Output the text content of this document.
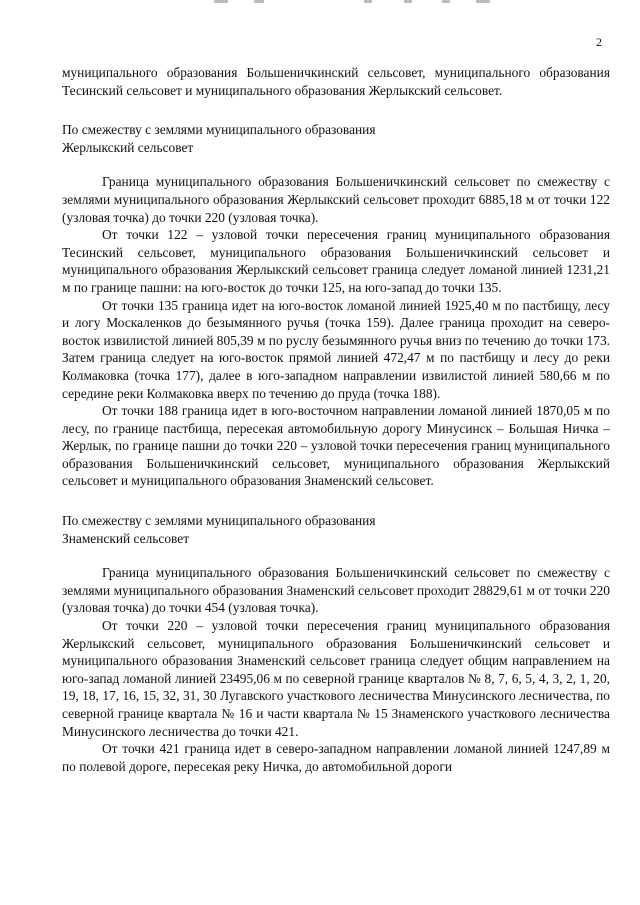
2

муниципального образования Большеничкинский сельсовет, муниципального образования Тесинский сельсовет и муниципального образования Жерлыкский сельсовет.

По смежеству с землями муниципального образования

Жерлыкский сельсовет

Граница муниципального образования Большеничкинский сельсовет по смежеству с землями муниципального образования Жерлыкский сельсовет проходит 6885,18 м от точки 122 (узловая точка) до точки 220 (узловая точка).

От точки 122 – узловой точки пересечения границ муниципального образования Тесинский сельсовет, муниципального образования Большеничкинский сельсовет и муниципального образования Жерлыкский сельсовет граница следует ломаной линией 1231,21 м по границе пашни: на юго-восток до точки 125, на юго-запад до точки 135.

От точки 135 граница идет на юго-восток ломаной линией 1925,40 м по пастбищу, лесу и логу Москаленков до безымянного ручья (точка 159). Далее граница проходит на северо-восток извилистой линией 805,39 м по руслу безымянного ручья вниз по течению до точки 173. Затем граница следует на юго-восток прямой линией 472,47 м по пастбищу и лесу до реки Колмаковка (точка 177), далее в юго-западном направлении извилистой линией 580,66 м по середине реки Колмаковка вверх по течению до пруда (точка 188).

От точки 188 граница идет в юго-восточном направлении ломаной линией 1870,05 м по лесу, по границе пастбища, пересекая автомобильную дорогу Минусинск – Большая Ничка – Жерлык, по границе пашни до точки 220 – узловой точки пересечения границ муниципального образования Большеничкинский сельсовет, муниципального образования Жерлыкский сельсовет и муниципального образования Знаменский сельсовет.

По смежеству с землями муниципального образования

Знаменский сельсовет

Граница муниципального образования Большеничкинский сельсовет по смежеству с землями муниципального образования Знаменский сельсовет проходит 28829,61 м от точки 220 (узловая точка) до точки 454 (узловая точка).

От точки 220 – узловой точки пересечения границ муниципального образования Жерлыкский сельсовет, муниципального образования Большеничкинский сельсовет и муниципального образования Знаменский сельсовет граница следует общим направлением на юго-запад ломаной линией 23495,06 м по северной границе кварталов № 8, 7, 6, 5, 4, 3, 2, 1, 20, 19, 18, 17, 16, 15, 32, 31, 30 Лугавского участкового лесничества Минусинского лесничества, по северной границе квартала № 16 и части квартала № 15 Знаменского участкового лесничества Минусинского лесничества до точки 421.

От точки 421 граница идет в северо-западном направлении ломаной линией 1247,89 м по полевой дороге, пересекая реку Ничка, до автомобильной дороги
